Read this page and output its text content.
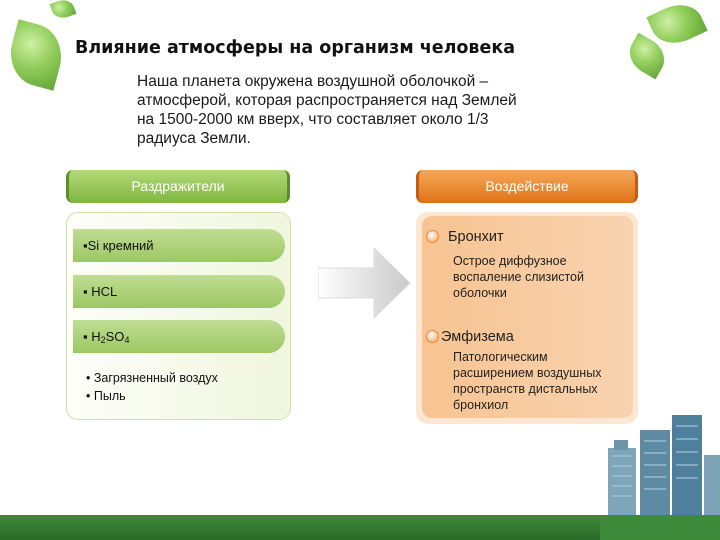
Влияние атмосферы на организм человека
Наша планета окружена воздушной оболочкой –
атмосферой, которая распространяется над Землей
на 1500-2000 км вверх, что составляет около 1/3
радиуса Земли.
Раздражители
▪Si кремний
▪ HCL
▪ $H_2SO_4$
• Загрязненный воздух
• Пыль
Воздействие
Бронхит
Острое диффузное
воспаление слизистой
оболочки
Эмфизема
Патологическим
расширением воздушных
пространств дистальных
бронхиол
